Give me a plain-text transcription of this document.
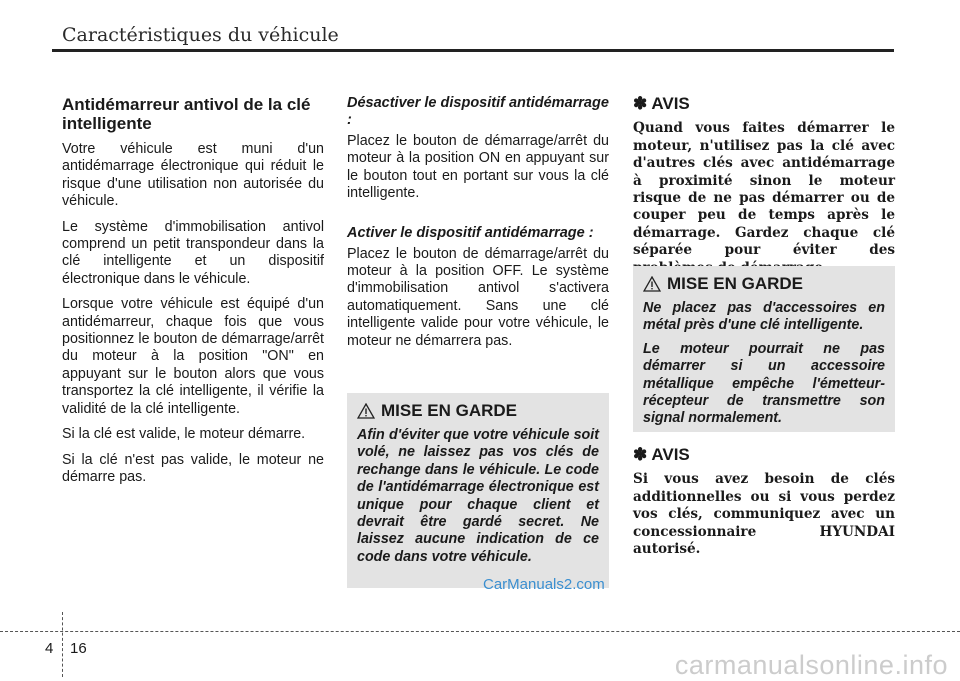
Caractéristiques du véhicule
Antidémarreur antivol de la clé intelligente

Votre véhicule est muni d'un antidémarrage électronique qui réduit le risque d'une utilisation non autorisée du véhicule.

Le système d'immobilisation antivol comprend un petit transpondeur dans la clé intelligente et un dispositif électronique dans le véhicule.

Lorsque votre véhicule est équipé d'un antidémarreur, chaque fois que vous positionnez le bouton de démarrage/arrêt du moteur à la position "ON" en appuyant sur le bouton alors que vous transportez la clé intelligente, il vérifie la validité de la clé intelligente.

Si la clé est valide, le moteur démarre.

Si la clé n'est pas valide, le moteur ne démarre pas.

Désactiver le dispositif antidémarrage :

Placez le bouton de démarrage/arrêt du moteur à la position ON en appuyant sur le bouton tout en portant sur vous la clé intelligente.

Activer le dispositif antidémarrage :

Placez le bouton de démarrage/arrêt du moteur à la position OFF. Le système d'immobilisation antivol s'activera automatiquement. Sans une clé intelligente valide pour votre véhicule, le moteur ne démarrera pas.

MISE EN GARDE
Afin d'éviter que votre véhicule soit volé, ne laissez pas vos clés de rechange dans le véhicule. Le code de l'antidémarrage électronique est unique pour chaque client et devrait être gardé secret. Ne laissez aucune indication de ce code dans votre véhicule.
✽ AVIS
Quand vous faites démarrer le moteur, n'utilisez pas la clé avec d'autres clés avec antidémarrage à proximité sinon le moteur risque de ne pas démarrer ou de couper peu de temps après le démarrage. Gardez chaque clé séparée pour éviter des
MISE EN GARDE
Ne placez pas d'accessoires en métal près d'une clé intelligente.
Le moteur pourrait ne pas démarrer si un accessoire métallique empêche l'émetteur-récepteur de transmettre son signal normalement.
✽ AVIS
Si vous avez besoin de clés additionnelles ou si vous perdez vos clés, communiquez avec un concessionnaire HYUNDAI autorisé.
CarManuals2.com
4 16
carmanualsonline.info
